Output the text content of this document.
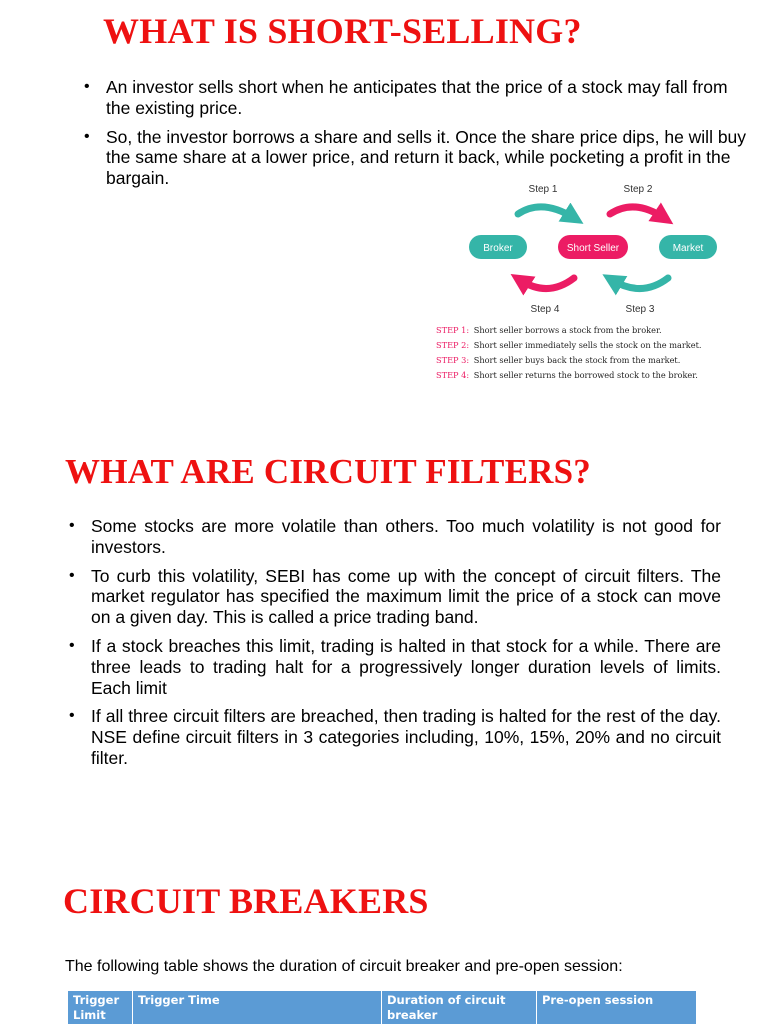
WHAT IS SHORT-SELLING?
• An investor sells short when he anticipates that the price of a stock may fall from the existing price.
• So, the investor borrows a share and sells it. Once the share price dips, he will buy the same share at a lower price, and return it back, while pocketing a profit in the bargain.
Step 1	Step 2
Broker	Short Seller	Market
Step 4	Step 3
STEP 1: Short seller borrows a stock from the broker.
STEP 2: Short seller immediately sells the stock on the market.
STEP 3: Short seller buys back the stock from the market.
STEP 4: Short seller returns the borrowed stock to the broker.
WHAT ARE CIRCUIT FILTERS?
• Some stocks are more volatile than others. Too much volatility is not good for investors.
• To curb this volatility, SEBI has come up with the concept of circuit filters. The market regulator has specified the maximum limit the price of a stock can move on a given day. This is called a price trading band.
• If a stock breaches this limit, trading is halted in that stock for a while. There are three leads to trading halt for a progressively longer duration levels of limits. Each limit
• If all three circuit filters are breached, then trading is halted for the rest of the day. NSE define circuit filters in 3 categories including, 10%, 15%, 20% and no circuit filter.
CIRCUIT BREAKERS
The following table shows the duration of circuit breaker and pre-open session:
Trigger Limit	Trigger Time	Duration of circuit breaker	Pre-open session
